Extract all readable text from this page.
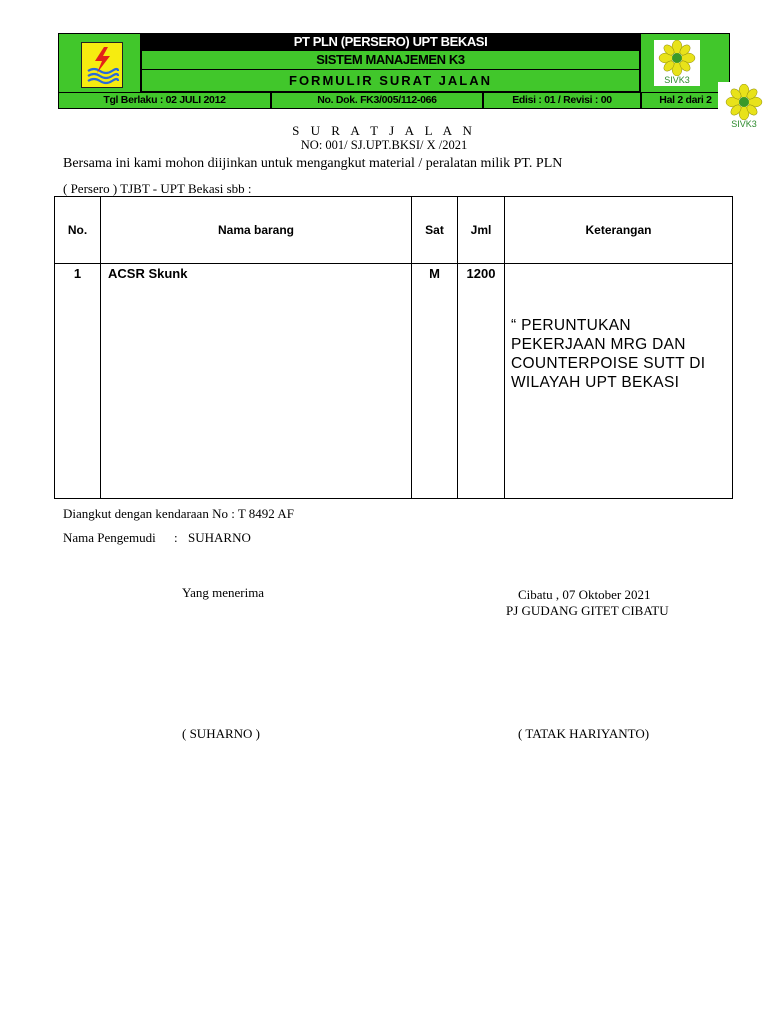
PT PLN (PERSERO) UPT BEKASI
SISTEM MANAJEMEN K3
FORMULIR SURAT JALAN	SIVK3
Tgl Berlaku : 02 JULI 2012	No. Dok. FK3/005/112-066	Edisi : 01 / Revisi : 00	Hal 2 dari 2
SIVK3
S U R A T J A L A N
NO: 001/ SJ.UPT.BKSI/ X /2021
Bersama ini kami mohon diijinkan untuk mengangkut material / peralatan milik PT. PLN
( Persero ) TJBT - UPT Bekasi sbb :
No.	Nama barang	Sat	Jml	Keterangan
1	ACSR Skunk	M	1200	“ PERUNTUKAN PEKERJAAN MRG DAN COUNTERPOISE SUTT DI WILAYAH UPT BEKASI
Diangkut dengan kendaraan No : T 8492 AF
Nama Pengemudi : SUHARNO
Yang menerima	Cibatu , 07 Oktober 2021
PJ GUDANG GITET CIBATU
( SUHARNO )	( TATAK HARIYANTO)
